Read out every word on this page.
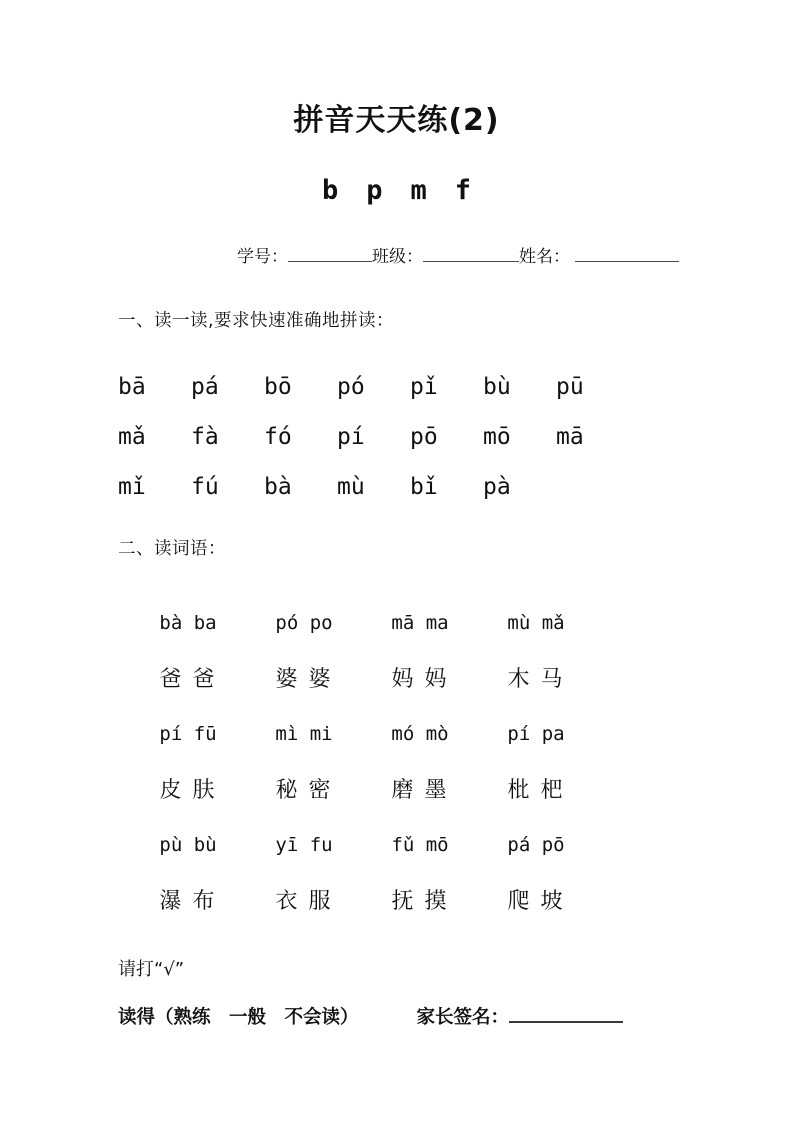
拼音天天练(2)
b p m f
学号：	班级：	姓名：
一、读一读,要求快速准确地拼读：
bā	pá	bō	pó	pǐ	bù	pū
mǎ	fà	fó	pí	pō	mō	mā
mǐ	fú	bà	mù	bǐ	pà
二、读词语：
bà ba	pó po	mā ma	mù mǎ
爸 爸	婆 婆	妈 妈	木 马
pí fū	mì mi	mó mò	pí pa
皮 肤	秘 密	磨 墨	枇 杷
pù bù	yī fu	fǔ mō	pá pō
瀑 布	衣 服	抚 摸	爬 坡
请打“√”
读得（熟练　一般　不会读）	家长签名：
